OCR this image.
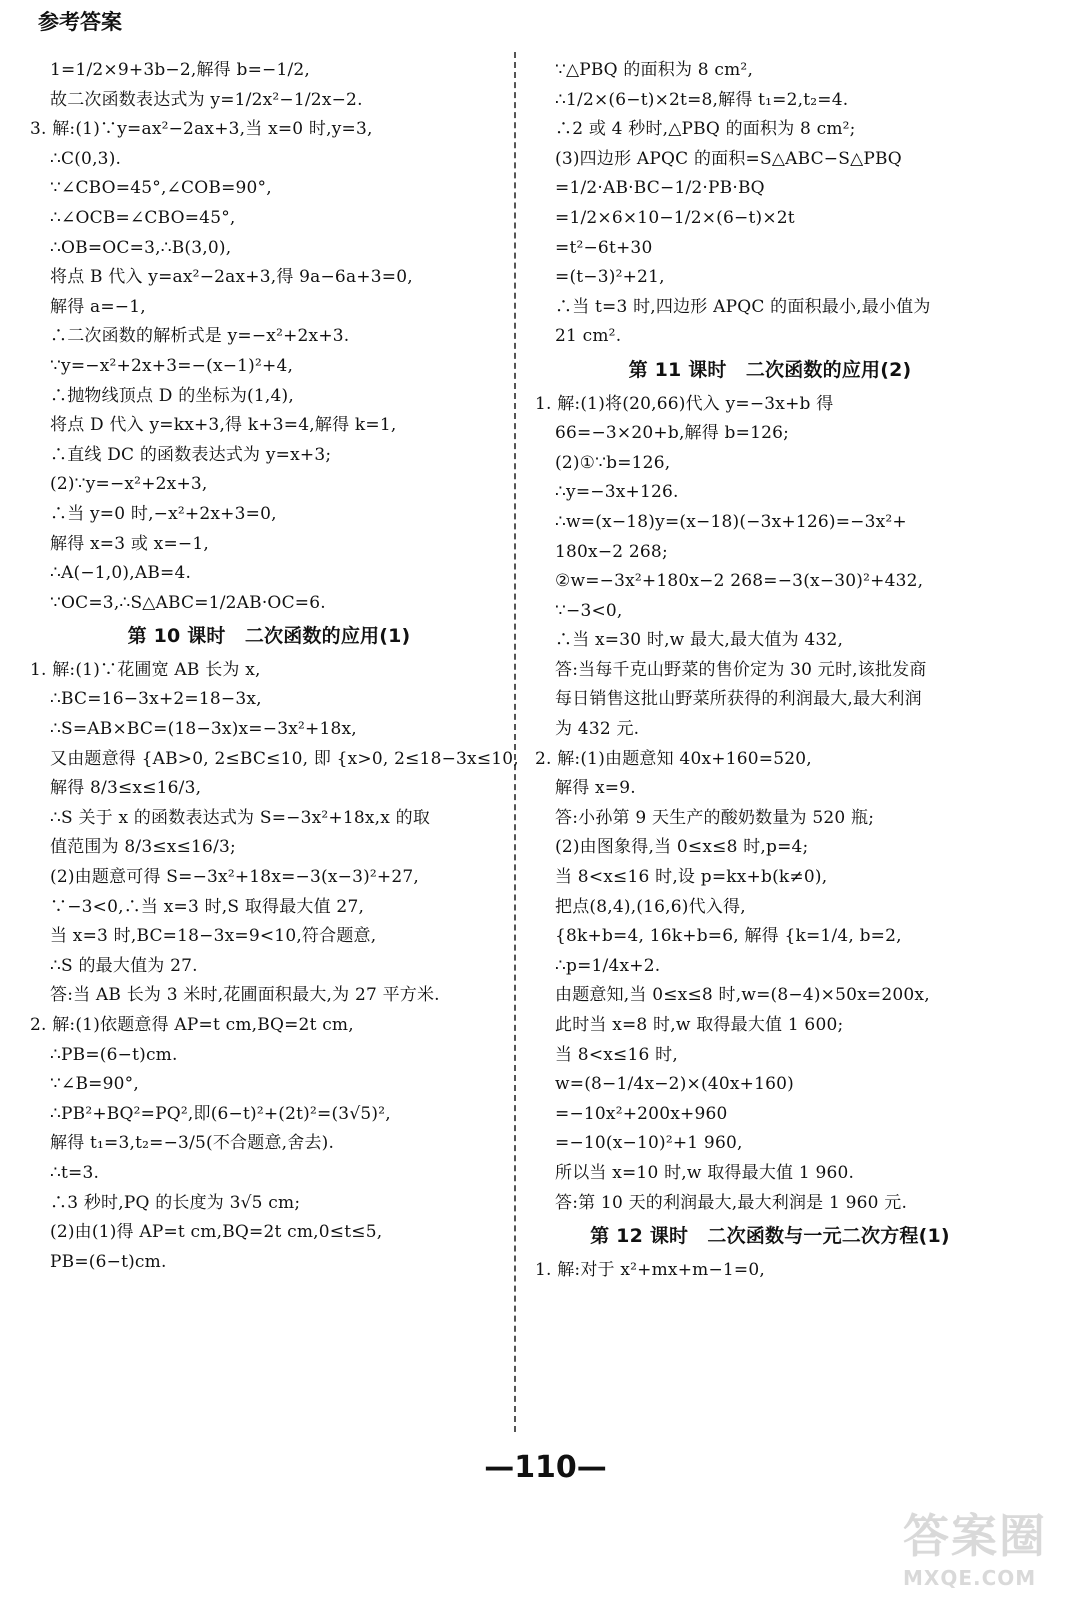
参考答案
1=1/2×9+3b−2,解得 b=−1/2,
故二次函数表达式为 y=1/2x²−1/2x−2.
3. 解:(1)∵y=ax²−2ax+3,当 x=0 时,y=3,
∴C(0,3).
∵∠CBO=45°,∠COB=90°,
∴∠OCB=∠CBO=45°,
∴OB=OC=3,∴B(3,0),
将点 B 代入 y=ax²−2ax+3,得 9a−6a+3=0,
解得 a=−1,
∴二次函数的解析式是 y=−x²+2x+3.
∵y=−x²+2x+3=−(x−1)²+4,
∴抛物线顶点 D 的坐标为(1,4),
将点 D 代入 y=kx+3,得 k+3=4,解得 k=1,
∴直线 DC 的函数表达式为 y=x+3;
(2)∵y=−x²+2x+3,
∴当 y=0 时,−x²+2x+3=0,
解得 x=3 或 x=−1,
∴A(−1,0),AB=4.
∵OC=3,∴S△ABC=1/2AB·OC=6.
第 10 课时　二次函数的应用(1)
1. 解:(1)∵花圃宽 AB 长为 x,
∴BC=16−3x+2=18−3x,
∴S=AB×BC=(18−3x)x=−3x²+18x,
又由题意得 {AB>0, 2≤BC≤10, 即 {x>0, 2≤18−3x≤10,
解得 8/3≤x≤16/3,
∴S 关于 x 的函数表达式为 S=−3x²+18x,x 的取
值范围为 8/3≤x≤16/3;
(2)由题意可得 S=−3x²+18x=−3(x−3)²+27,
∵−3<0,∴当 x=3 时,S 取得最大值 27,
当 x=3 时,BC=18−3x=9<10,符合题意,
∴S 的最大值为 27.
答:当 AB 长为 3 米时,花圃面积最大,为 27 平方米.
2. 解:(1)依题意得 AP=t cm,BQ=2t cm,
∴PB=(6−t)cm.
∵∠B=90°,
∴PB²+BQ²=PQ²,即(6−t)²+(2t)²=(3√5)²,
解得 t₁=3,t₂=−3/5(不合题意,舍去).
∴t=3.
∴3 秒时,PQ 的长度为 3√5 cm;
(2)由(1)得 AP=t cm,BQ=2t cm,0≤t≤5,
PB=(6−t)cm.
∵△PBQ 的面积为 8 cm²,
∴1/2×(6−t)×2t=8,解得 t₁=2,t₂=4.
∴2 或 4 秒时,△PBQ 的面积为 8 cm²;
(3)四边形 APQC 的面积=S△ABC−S△PBQ
=1/2·AB·BC−1/2·PB·BQ
=1/2×6×10−1/2×(6−t)×2t
=t²−6t+30
=(t−3)²+21,
∴当 t=3 时,四边形 APQC 的面积最小,最小值为
21 cm².
第 11 课时　二次函数的应用(2)
1. 解:(1)将(20,66)代入 y=−3x+b 得
66=−3×20+b,解得 b=126;
(2)①∵b=126,
∴y=−3x+126.
∴w=(x−18)y=(x−18)(−3x+126)=−3x²+
180x−2 268;
②w=−3x²+180x−2 268=−3(x−30)²+432,
∵−3<0,
∴当 x=30 时,w 最大,最大值为 432,
答:当每千克山野菜的售价定为 30 元时,该批发商
每日销售这批山野菜所获得的利润最大,最大利润
为 432 元.
2. 解:(1)由题意知 40x+160=520,
解得 x=9.
答:小孙第 9 天生产的酸奶数量为 520 瓶;
(2)由图象得,当 0≤x≤8 时,p=4;
当 8<x≤16 时,设 p=kx+b(k≠0),
把点(8,4),(16,6)代入得,
{8k+b=4, 16k+b=6, 解得 {k=1/4, b=2,
∴p=1/4x+2.
由题意知,当 0≤x≤8 时,w=(8−4)×50x=200x,
此时当 x=8 时,w 取得最大值 1 600;
当 8<x≤16 时,
w=(8−1/4x−2)×(40x+160)
=−10x²+200x+960
=−10(x−10)²+1 960,
所以当 x=10 时,w 取得最大值 1 960.
答:第 10 天的利润最大,最大利润是 1 960 元.
第 12 课时　二次函数与一元二次方程(1)
1. 解:对于 x²+mx+m−1=0,
—110—
答案圈
MXQE.COM
